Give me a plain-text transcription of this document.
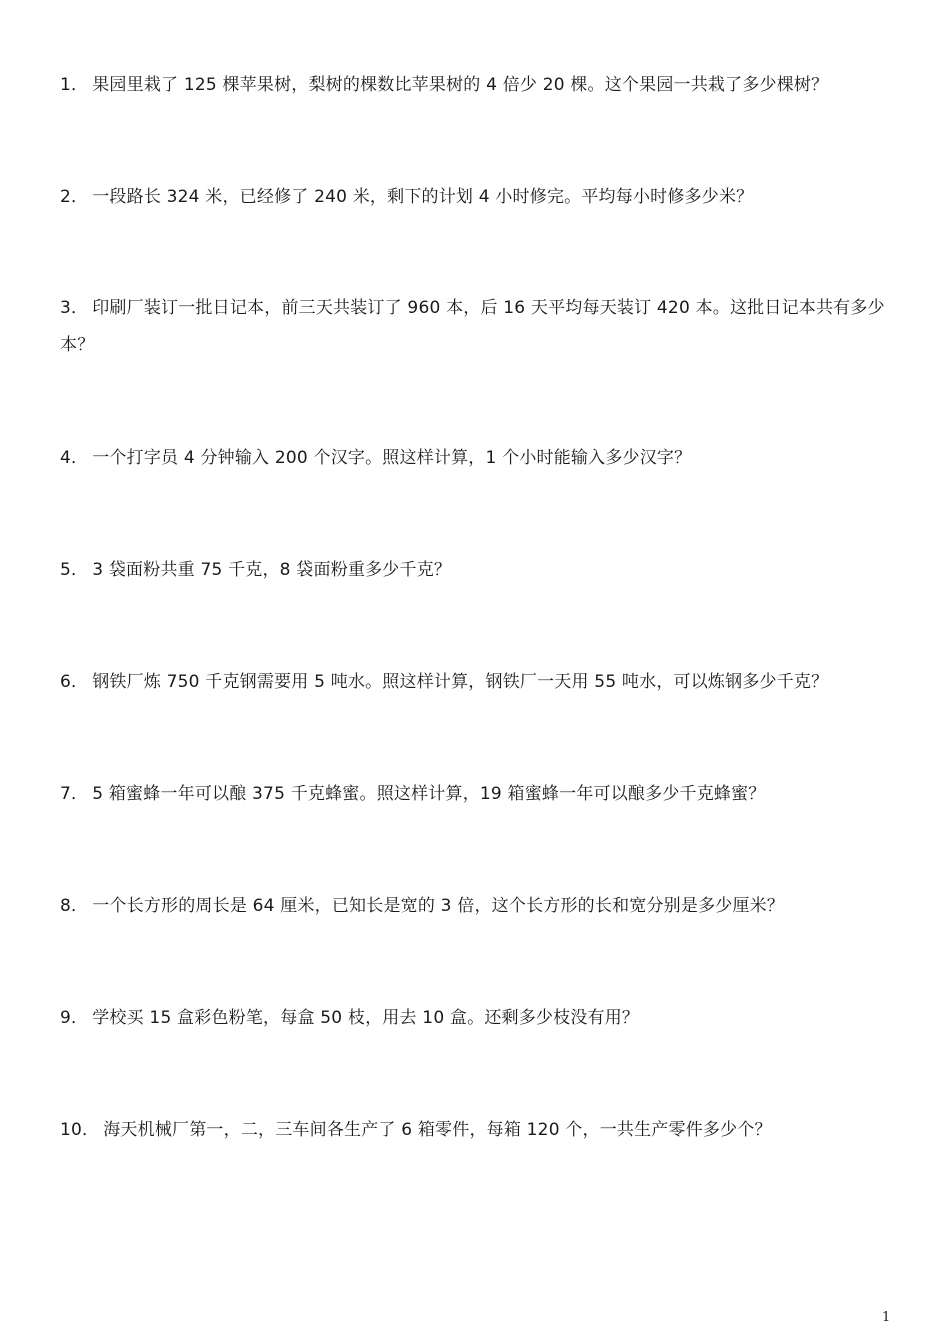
1． 果园里栽了 125 棵苹果树，梨树的棵数比苹果树的 4 倍少 20 棵。这个果园一共栽了多少棵树？
2． 一段路长 324 米，已经修了 240 米，剩下的计划 4 小时修完。平均每小时修多少米？
3． 印刷厂装订一批日记本，前三天共装订了 960 本，后 16 天平均每天装订 420 本。这批日记本共有多少本？
4． 一个打字员 4 分钟输入 200 个汉字。照这样计算，1 个小时能输入多少汉字？
5． 3 袋面粉共重 75 千克，8 袋面粉重多少千克？
6． 钢铁厂炼 750 千克钢需要用 5 吨水。照这样计算，钢铁厂一天用 55 吨水，可以炼钢多少千克？
7． 5 箱蜜蜂一年可以酿 375 千克蜂蜜。照这样计算，19 箱蜜蜂一年可以酿多少千克蜂蜜？
8． 一个长方形的周长是 64 厘米，已知长是宽的 3 倍，这个长方形的长和宽分别是多少厘米？
9． 学校买 15 盒彩色粉笔，每盒 50 枝，用去 10 盒。还剩多少枝没有用？
10． 海天机械厂第一，二，三车间各生产了 6 箱零件，每箱 120 个，一共生产零件多少个？
1
